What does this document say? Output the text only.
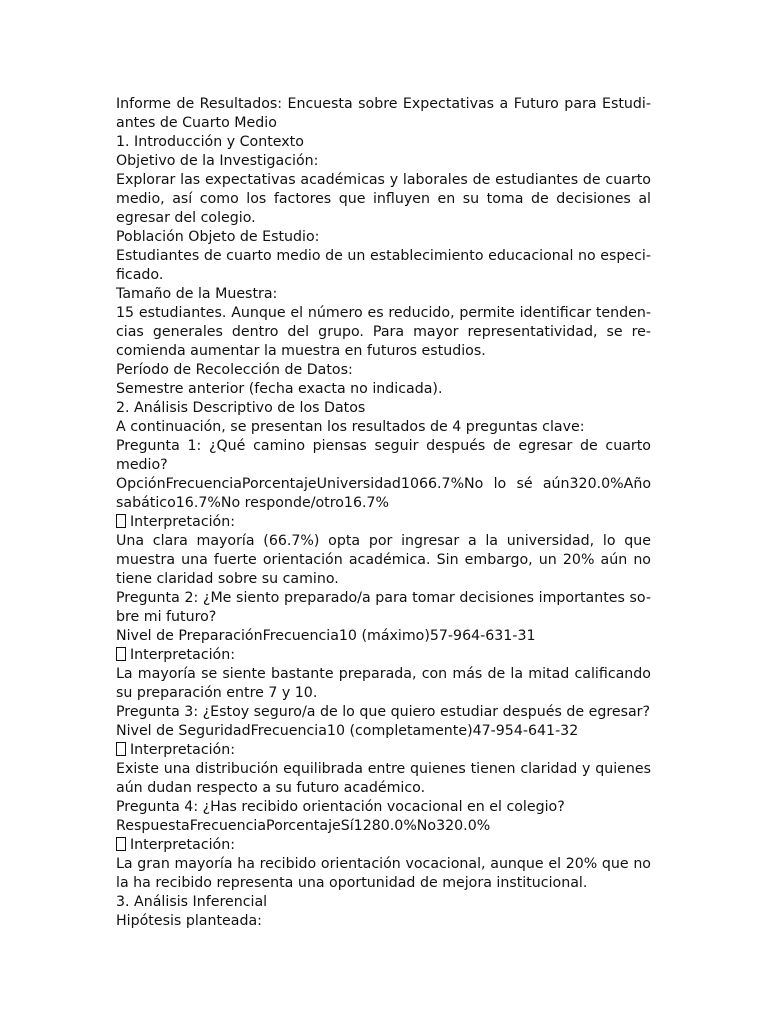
Informe de Resultados: Encuesta sobre Expectativas a Futuro para Estudi-antes de Cuarto Medio

1. Introducción y Contexto

Objetivo de la Investigación:

Explorar las expectativas académicas y laborales de estudiantes de cuarto medio, así como los factores que influyen en su toma de decisiones al egresar del colegio.

Población Objeto de Estudio:

Estudiantes de cuarto medio de un establecimiento educacional no especi-ficado.

Tamaño de la Muestra:

15 estudiantes. Aunque el número es reducido, permite identificar tenden-cias generales dentro del grupo. Para mayor representatividad, se re-comienda aumentar la muestra en futuros estudios.

Período de Recolección de Datos:

Semestre anterior (fecha exacta no indicada).

2. Análisis Descriptivo de los Datos

A continuación, se presentan los resultados de 4 preguntas clave:

Pregunta 1: ¿Qué camino piensas seguir después de egresar de cuarto medio?

OpciónFrecuenciaPorcentajeUniversidad1066.7%No lo sé aún320.0%Año sabático16.7%No responde/otro16.7%

Interpretación:

Una clara mayoría (66.7%) opta por ingresar a la universidad, lo que muestra una fuerte orientación académica. Sin embargo, un 20% aún no tiene claridad sobre su camino.

Pregunta 2: ¿Me siento preparado/a para tomar decisiones importantes so-bre mi futuro?

Nivel de PreparaciónFrecuencia10 (máximo)57-964-631-31

Interpretación:

La mayoría se siente bastante preparada, con más de la mitad calificando su preparación entre 7 y 10.

Pregunta 3: ¿Estoy seguro/a de lo que quiero estudiar después de egresar?

Nivel de SeguridadFrecuencia10 (completamente)47-954-641-32

Interpretación:

Existe una distribución equilibrada entre quienes tienen claridad y quienes aún dudan respecto a su futuro académico.

Pregunta 4: ¿Has recibido orientación vocacional en el colegio?

RespuestaFrecuenciaPorcentajeSí1280.0%No320.0%

Interpretación:

La gran mayoría ha recibido orientación vocacional, aunque el 20% que no la ha recibido representa una oportunidad de mejora institucional.

3. Análisis Inferencial

Hipótesis planteada:
